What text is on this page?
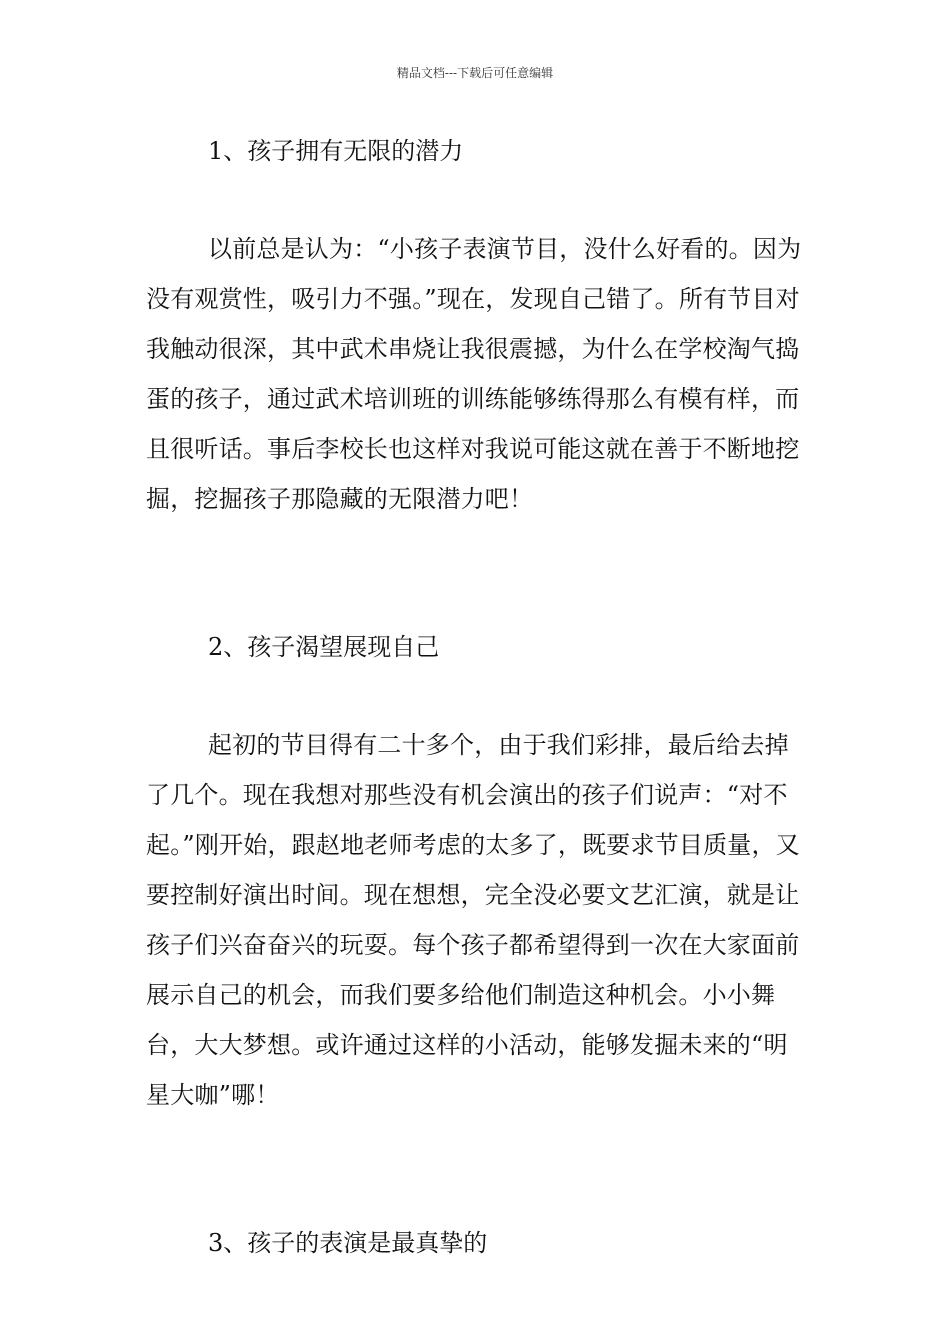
精品文档---下载后可任意编辑

1、孩子拥有无限的潜力

以前总是认为：“小孩子表演节目，没什么好看的。因为没有观赏性，吸引力不强。”现在，发现自己错了。所有节目对我触动很深，其中武术串烧让我很震撼，为什么在学校淘气捣蛋的孩子，通过武术培训班的训练能够练得那么有模有样，而且很听话。事后李校长也这样对我说可能这就在善于不断地挖掘，挖掘孩子那隐藏的无限潜力吧！

2、孩子渴望展现自己

起初的节目得有二十多个，由于我们彩排，最后给去掉了几个。现在我想对那些没有机会演出的孩子们说声：“对不起。”刚开始，跟赵地老师考虑的太多了，既要求节目质量，又要控制好演出时间。现在想想，完全没必要文艺汇演，就是让孩子们兴奋奋兴的玩耍。每个孩子都希望得到一次在大家面前展示自己的机会，而我们要多给他们制造这种机会。小小舞台，大大梦想。或许通过这样的小活动，能够发掘未来的“明星大咖”哪！

3、孩子的表演是最真挚的
